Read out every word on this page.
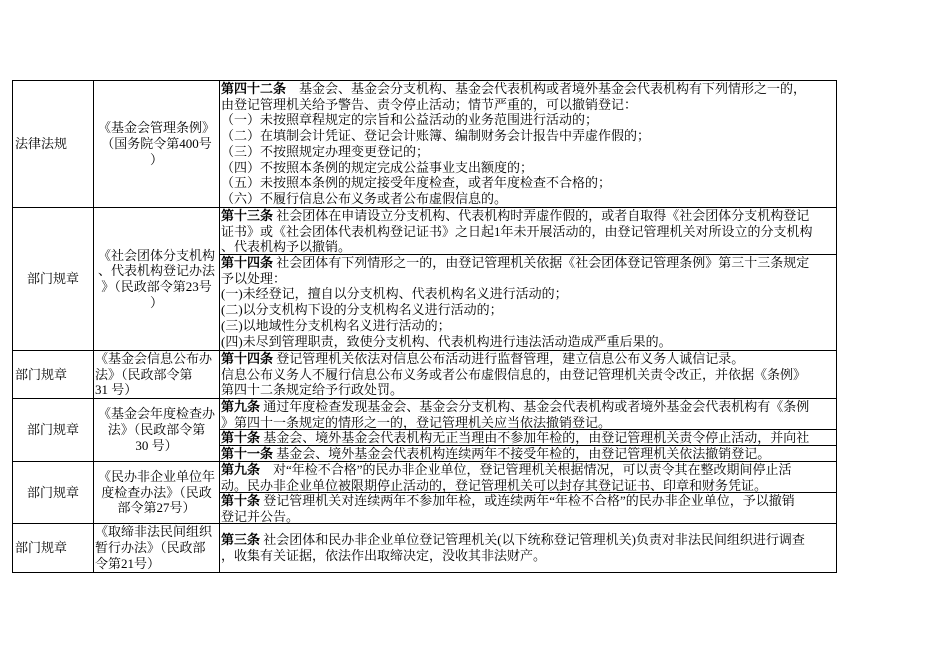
法律法规
《基金会管理条例》
（国务院令第400号
）
第四十二条　基金会、基金会分支机构、基金会代表机构或者境外基金会代表机构有下列情形之一的，
由登记管理机关给予警告、责令停止活动；情节严重的，可以撤销登记：
（一）未按照章程规定的宗旨和公益活动的业务范围进行活动的；
（二）在填制会计凭证、登记会计账簿、编制财务会计报告中弄虚作假的；
（三）不按照规定办理变更登记的；
（四）不按照本条例的规定完成公益事业支出额度的；
（五）未按照本条例的规定接受年度检查，或者年度检查不合格的；
（六）不履行信息公布义务或者公布虚假信息的。
部门规章
《社会团体分支机构
、代表机构登记办法
》（民政部令第23号
）
第十三条 社会团体在申请设立分支机构、代表机构时弄虚作假的，或者自取得《社会团体分支机构登记
证书》或《社会团体代表机构登记证书》之日起1年未开展活动的，由登记管理机关对所设立的分支机构
、代表机构予以撤销。
第十四条 社会团体有下列情形之一的，由登记管理机关依据《社会团体登记管理条例》第三十三条规定
予以处理：
(一)未经登记，擅自以分支机构、代表机构名义进行活动的；
(二)以分支机构下设的分支机构名义进行活动的；
(三)以地域性分支机构名义进行活动的；
(四)未尽到管理职责，致使分支机构、代表机构进行违法活动造成严重后果的。
部门规章
《基金会信息公布办
法》（民政部令第
31 号）
第十四条 登记管理机关依法对信息公布活动进行监督管理，建立信息公布义务人诚信记录。
信息公布义务人不履行信息公布义务或者公布虚假信息的，由登记管理机关责令改正，并依据《条例》
第四十二条规定给予行政处罚。
部门规章
《基金会年度检查办
法》（民政部令第
30 号）
第九条 通过年度检查发现基金会、基金会分支机构、基金会代表机构或者境外基金会代表机构有《条例
》第四十一条规定的情形之一的，登记管理机关应当依法撤销登记。
第十条 基金会、境外基金会代表机构无正当理由不参加年检的，由登记管理机关责令停止活动，并向社
第十一条 基金会、境外基金会代表机构连续两年不接受年检的，由登记管理机关依法撤销登记。
部门规章
《民办非企业单位年
度检查办法》（民政
部令第27号）
第九条　对“年检不合格”的民办非企业单位，登记管理机关根据情况，可以责令其在整改期间停止活
动。民办非企业单位被限期停止活动的，登记管理机关可以封存其登记证书、印章和财务凭证。
第十条 登记管理机关对连续两年不参加年检，或连续两年“年检不合格”的民办非企业单位，予以撤销
登记并公告。
部门规章
《取缔非法民间组织
暂行办法》（民政部
令第21号）
第三条 社会团体和民办非企业单位登记管理机关(以下统称登记管理机关)负责对非法民间组织进行调查
，收集有关证据，依法作出取缔决定，没收其非法财产。
